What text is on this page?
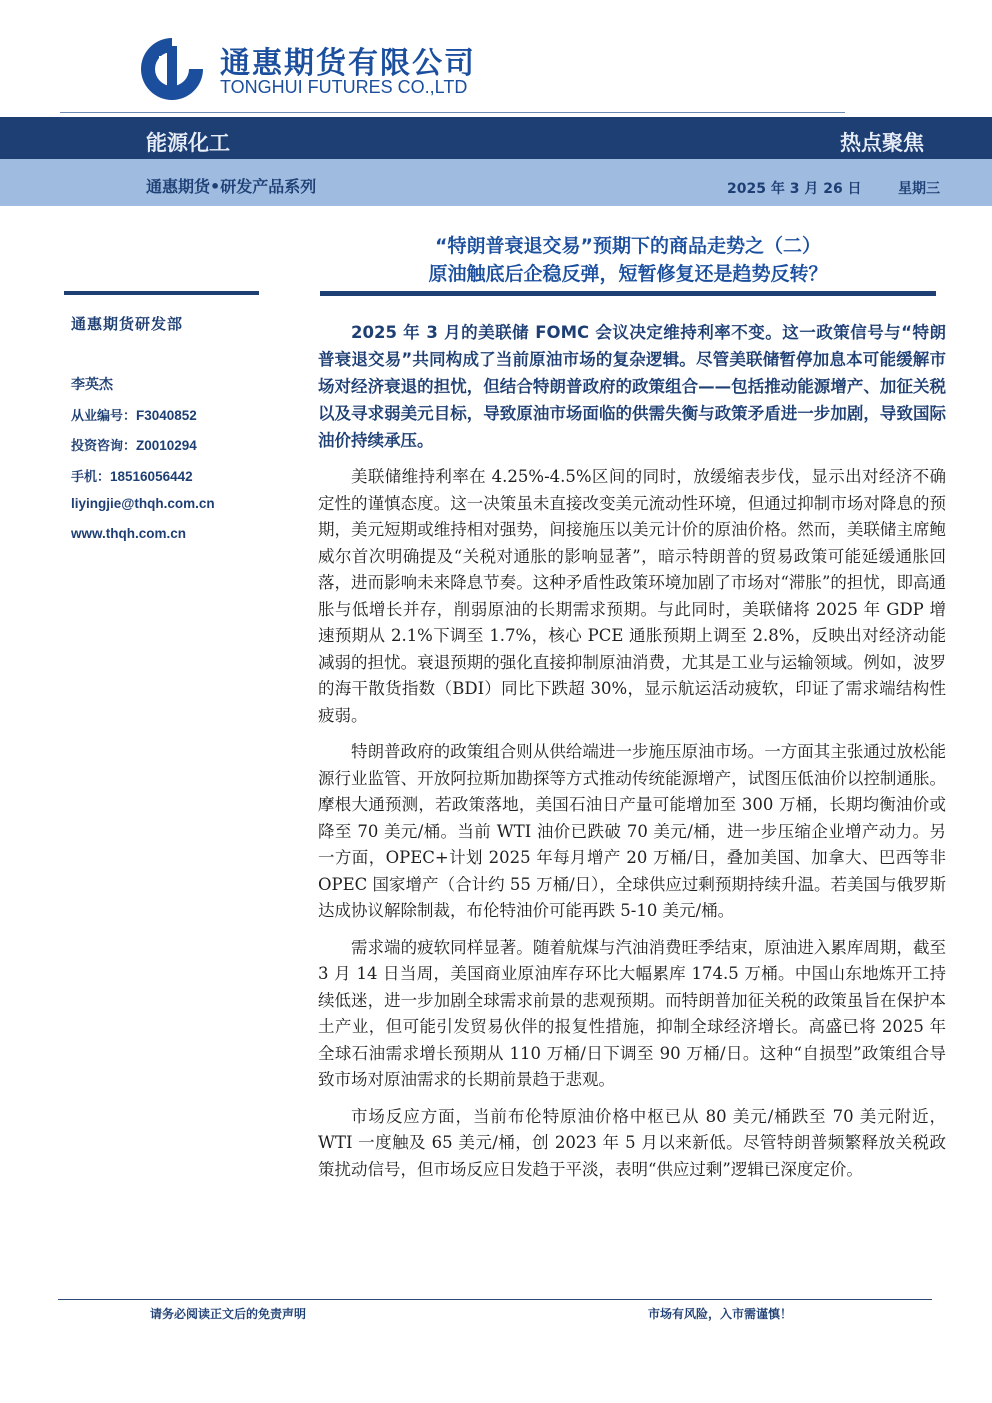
通惠期货有限公司
TONGHUI FUTURES CO.,LTD
能源化工	热点聚焦
通惠期货•研发产品系列	2025 年 3 月 26 日	星期三
“特朗普衰退交易”预期下的商品走势之（二）
原油触底后企稳反弹，短暂修复还是趋势反转？
通惠期货研发部
李英杰
从业编号：F3040852
投资咨询：Z0010294
手机：18516056442
liyingjie@thqh.com.cn
www.thqh.com.cn

2025 年 3 月的美联储 FOMC 会议决定维持利率不变。这一政策信号与“特朗普衰退交易”共同构成了当前原油市场的复杂逻辑。尽管美联储暂停加息本可能缓解市场对经济衰退的担忧，但结合特朗普政府的政策组合——包括推动能源增产、加征关税以及寻求弱美元目标，导致原油市场面临的供需失衡与政策矛盾进一步加剧，导致国际油价持续承压。

美联储维持利率在 4.25%-4.5%区间的同时，放缓缩表步伐，显示出对经济不确定性的谨慎态度。这一决策虽未直接改变美元流动性环境，但通过抑制市场对降息的预期，美元短期或维持相对强势，间接施压以美元计价的原油价格。然而，美联储主席鲍威尔首次明确提及“关税对通胀的影响显著”，暗示特朗普的贸易政策可能延缓通胀回落，进而影响未来降息节奏。这种矛盾性政策环境加剧了市场对“滞胀”的担忧，即高通胀与低增长并存，削弱原油的长期需求预期。与此同时，美联储将 2025 年 GDP 增速预期从 2.1%下调至 1.7%，核心 PCE 通胀预期上调至 2.8%，反映出对经济动能减弱的担忧。衰退预期的强化直接抑制原油消费，尤其是工业与运输领域。例如，波罗的海干散货指数（BDI）同比下跌超 30%，显示航运活动疲软，印证了需求端结构性疲弱。

特朗普政府的政策组合则从供给端进一步施压原油市场。一方面其主张通过放松能源行业监管、开放阿拉斯加勘探等方式推动传统能源增产，试图压低油价以控制通胀。摩根大通预测，若政策落地，美国石油日产量可能增加至 300 万桶，长期均衡油价或降至 70 美元/桶。当前 WTI 油价已跌破 70 美元/桶，进一步压缩企业增产动力。另一方面，OPEC+计划 2025 年每月增产 20 万桶/日，叠加美国、加拿大、巴西等非 OPEC 国家增产（合计约 55 万桶/日），全球供应过剩预期持续升温。若美国与俄罗斯达成协议解除制裁，布伦特油价可能再跌 5-10 美元/桶。

需求端的疲软同样显著。随着航煤与汽油消费旺季结束，原油进入累库周期，截至 3 月 14 日当周，美国商业原油库存环比大幅累库 174.5 万桶。中国山东地炼开工持续低迷，进一步加剧全球需求前景的悲观预期。而特朗普加征关税的政策虽旨在保护本土产业，但可能引发贸易伙伴的报复性措施，抑制全球经济增长。高盛已将 2025 年全球石油需求增长预期从 110 万桶/日下调至 90 万桶/日。这种“自损型”政策组合导致市场对原油需求的长期前景趋于悲观。

市场反应方面，当前布伦特原油价格中枢已从 80 美元/桶跌至 70 美元附近，WTI 一度触及 65 美元/桶，创 2023 年 5 月以来新低。尽管特朗普频繁释放关税政策扰动信号，但市场反应日发趋于平淡，表明“供应过剩”逻辑已深度定价。

请务必阅读正文后的免责声明	市场有风险，入市需谨慎！
